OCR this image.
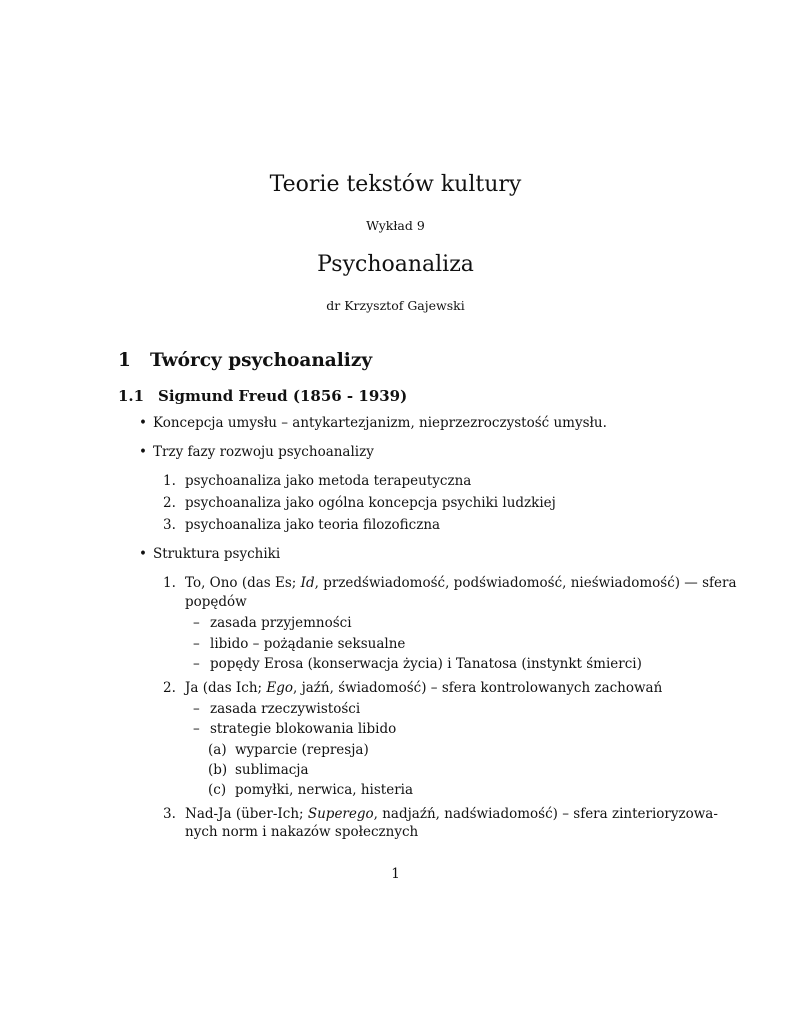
Teorie tekstów kultury
Wykład 9
Psychoanaliza
dr Krzysztof Gajewski
1 Twórcy psychoanalizy
1.1 Sigmund Freud (1856 - 1939)
• Koncepcja umysłu – antykartezjanizm, nieprzezroczystość umysłu.
• Trzy fazy rozwoju psychoanalizy
1. psychoanaliza jako metoda terapeutyczna
2. psychoanaliza jako ogólna koncepcja psychiki ludzkiej
3. psychoanaliza jako teoria filozoficzna
• Struktura psychiki
1. To, Ono (das Es; Id, przedświadomość, podświadomość, nieświadomość) — sfera
popędów
– zasada przyjemności
– libido – pożądanie seksualne
– popędy Erosa (konserwacja życia) i Tanatosa (instynkt śmierci)
2. Ja (das Ich; Ego, jaźń, świadomość) – sfera kontrolowanych zachowań
– zasada rzeczywistości
– strategie blokowania libido
(a) wyparcie (represja)
(b) sublimacja
(c) pomyłki, nerwica, histeria
3. Nad-Ja (über-Ich; Superego, nadjaźń, nadświadomość) – sfera zinterioryzowa-
nych norm i nakazów społecznych
1
